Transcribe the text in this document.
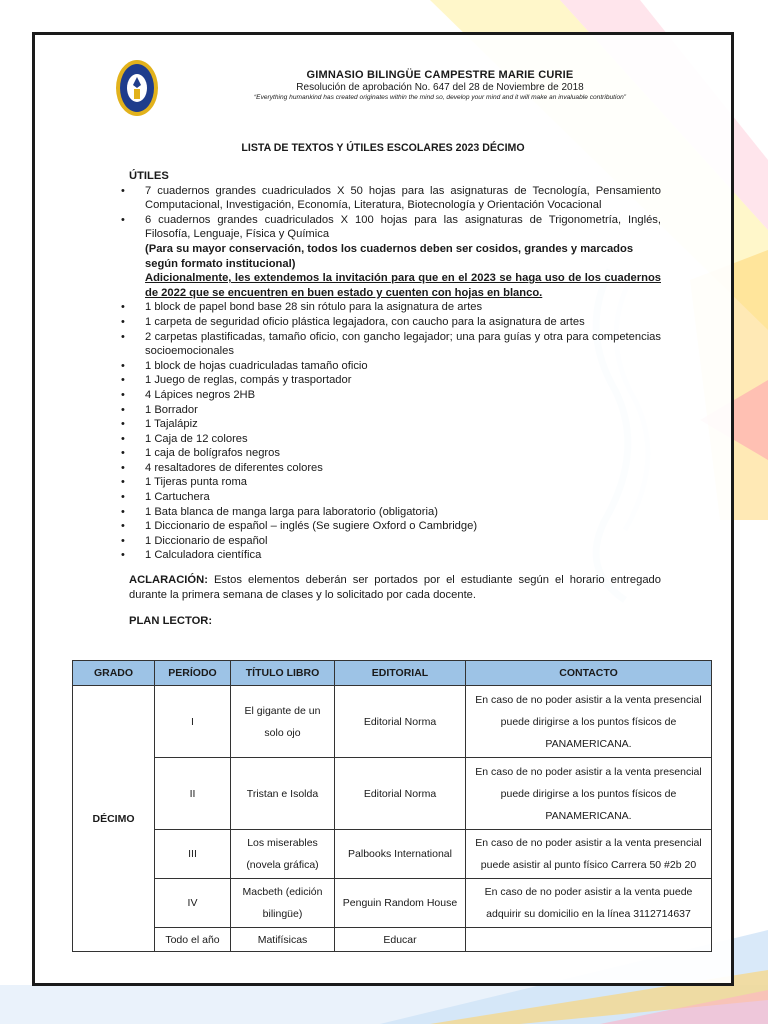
GIMNASIO BILINGÜE CAMPESTRE MARIE CURIE
Resolución de aprobación No. 647 del 28 de Noviembre de 2018
“Everything humankind has created originates within the mind so, develop your mind and it will make an invaluable contribution”
LISTA DE TEXTOS Y ÚTILES ESCOLARES 2023 DÉCIMO
ÚTILES
• 7 cuadernos grandes cuadriculados X 50 hojas para las asignaturas de Tecnología, Pensamiento Computacional, Investigación, Economía, Literatura, Biotecnología y Orientación Vocacional
• 6 cuadernos grandes cuadriculados X 100 hojas para las asignaturas de Trigonometría, Inglés, Filosofía, Lenguaje, Física y Química
(Para su mayor conservación, todos los cuadernos deben ser cosidos, grandes y marcados según formato institucional)
Adicionalmente, les extendemos la invitación para que en el 2023 se haga uso de los cuadernos de 2022 que se encuentren en buen estado y cuenten con hojas en blanco.
• 1 block de papel bond base 28 sin rótulo para la asignatura de artes
• 1 carpeta de seguridad oficio plástica legajadora, con caucho para la asignatura de artes
• 2 carpetas plastificadas, tamaño oficio, con gancho legajador; una para guías y otra para competencias socioemocionales
• 1 block de hojas cuadriculadas tamaño oficio
• 1 Juego de reglas, compás y trasportador
• 4 Lápices negros 2HB
• 1 Borrador
• 1 Tajalápiz
• 1 Caja de 12 colores
• 1 caja de bolígrafos negros
• 4 resaltadores de diferentes colores
• 1 Tijeras punta roma
• 1 Cartuchera
• 1 Bata blanca de manga larga para laboratorio (obligatoria)
• 1 Diccionario de español – inglés (Se sugiere Oxford o Cambridge)
• 1 Diccionario de español
• 1 Calculadora científica
ACLARACIÓN: Estos elementos deberán ser portados por el estudiante según el horario entregado durante la primera semana de clases y lo solicitado por cada docente.
PLAN LECTOR:
GRADO	PERÍODO	TÍTULO LIBRO	EDITORIAL	CONTACTO
DÉCIMO	I	El gigante de un solo ojo	Editorial Norma	En caso de no poder asistir a la venta presencial puede dirigirse a los puntos físicos de PANAMERICANA.
	II	Tristan e Isolda	Editorial Norma	En caso de no poder asistir a la venta presencial puede dirigirse a los puntos físicos de PANAMERICANA.
	III	Los miserables (novela gráfica)	Palbooks International	En caso de no poder asistir a la venta presencial puede asistir al punto físico Carrera 50 #2b 20
	IV	Macbeth (edición bilingüe)	Penguin Random House	En caso de no poder asistir a la venta puede adquirir su domicilio en la línea 3112714637
	Todo el año	Matifísicas	Educar	
